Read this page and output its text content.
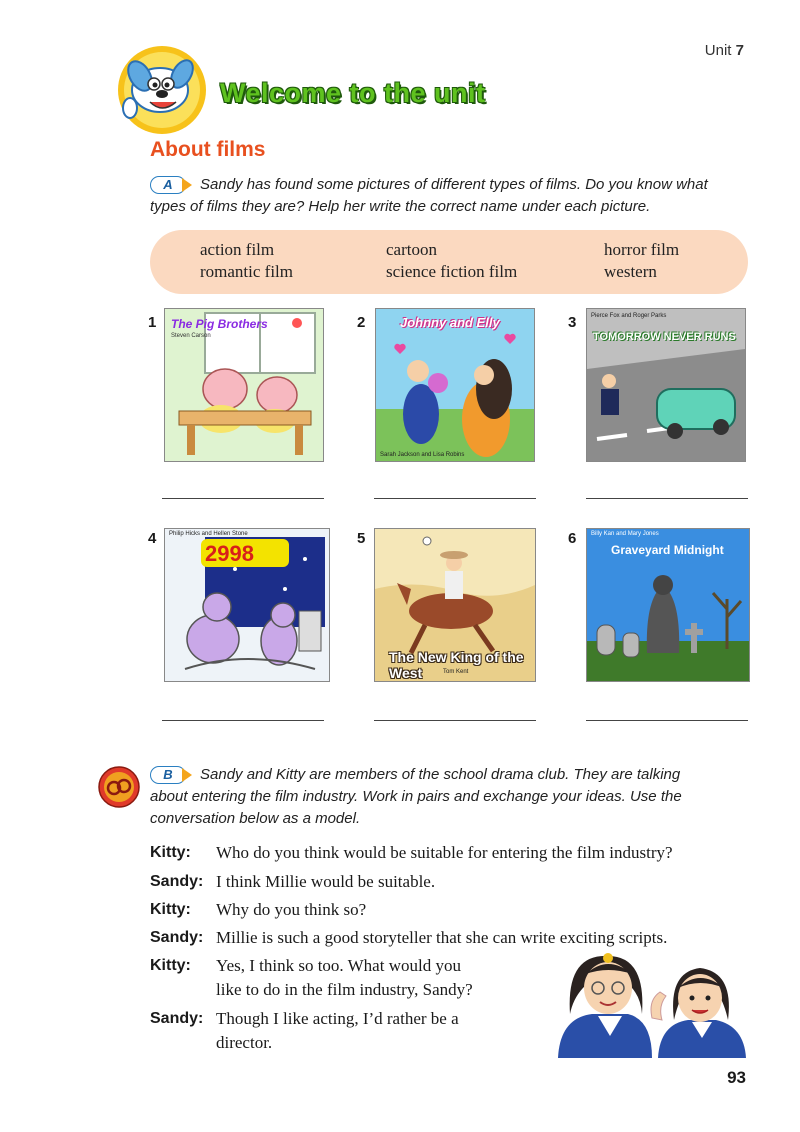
Unit 7
Welcome to the unit
About films
A	Sandy has found some pictures of different types of films. Do you know what
types of films they are? Help her write the correct name under each picture.
action film	cartoon	horror film
romantic film	science fiction film	western
1 The Pig Brothers
Steven Carson
2	Johnny and Elly
Sarah Jackson and Lisa Robins
3
TOMORROW NEVER RUNS
Pierce Fox and Roger Parks
4
2998
Philip Hicks and Hellen Stone	5
The New King of the West	Tom Kent
6
Graveyard Midnight
Billy Kan and Mary Jones
B	Sandy and Kitty are members of the school drama club. They are talking
about entering the film industry. Work in pairs and exchange your ideas. Use the
conversation below as a model.
Kitty: Who do you think would be suitable for entering the film industry?
Sandy: I think Millie would be suitable.
Kitty: Why do you think so?
Sandy: Millie is such a good storyteller that she can write exciting scripts.
Kitty: Yes, I think so too. What would you
like to do in the film industry, Sandy?
Sandy: Though I like acting, I’d rather be a
director.
93
